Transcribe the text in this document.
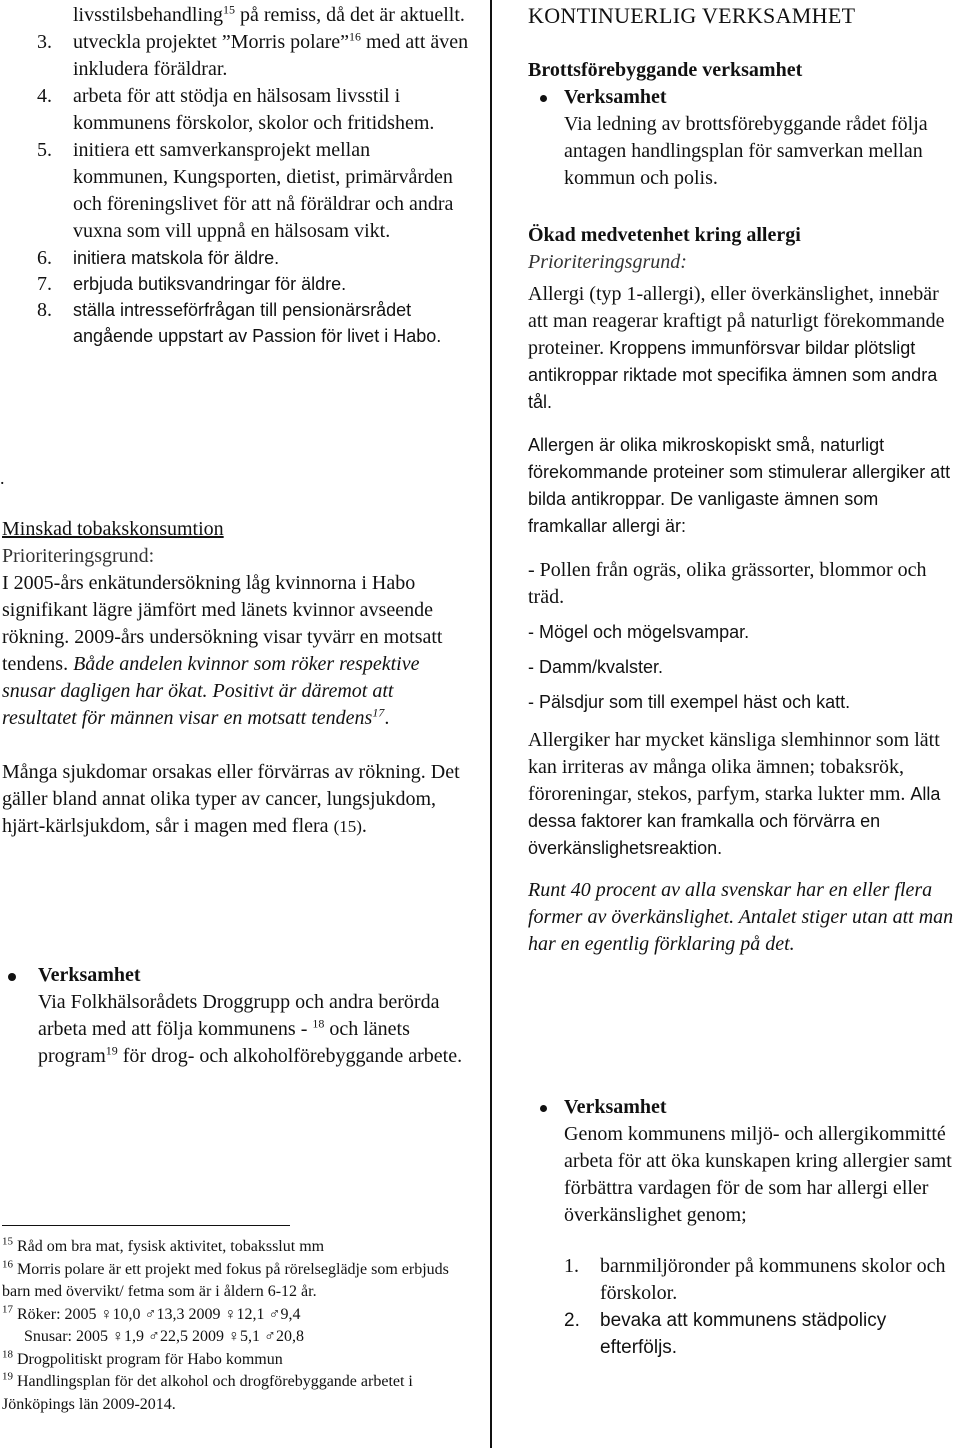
livsstilsbehandling$^{15}$ på remiss, då det är aktuellt.
3. utveckla projektet ”Morris polare”$^{16}$ med att även inkludera föräldrar.
4. arbeta för att stödja en hälsosam livsstil i kommunens förskolor, skolor och fritidshem.
5. initiera ett samverkansprojekt mellan kommunen, Kungsporten, dietist, primärvården och föreningslivet för att nå föräldrar och andra vuxna som vill uppnå en hälsosam vikt.
6. initiera matskola för äldre.
7. erbjuda butiksvandringar för äldre.
8. ställa intresseförfrågan till pensionärsrådet angående uppstart av Passion för livet i Habo.
.
Minskad tobakskonsumtion
Prioriteringsgrund:
I 2005-års enkätundersökning låg kvinnorna i Habo signifikant lägre jämfört med länets kvinnor avseende rökning. 2009-års undersökning visar tyvärr en motsatt tendens. Både andelen kvinnor som röker respektive snusar dagligen har ökat. Positivt är däremot att resultatet för männen visar en motsatt tendens$^{17}$.
Många sjukdomar orsakas eller förvärras av rökning. Det gäller bland annat olika typer av cancer, lungsjukdom, hjärt-kärlsjukdom, sår i magen med flera (15).
Verksamhet
Via Folkhälsorådets Droggrupp och andra berörda arbeta med att följa kommunens - $^{18}$ och länets program$^{19}$ för drog- och alkoholförebyggande arbete.
$^{15}$ Råd om bra mat, fysisk aktivitet, tobaksslut mm
$^{16}$ Morris polare är ett projekt med fokus på rörelseglädje som erbjuds barn med övervikt/ fetma som är i åldern 6-12 år.
$^{17}$ Röker: 2005 ♀10,0 ♂13,3 2009 ♀12,1 ♂9,4
Snusar: 2005 ♀1,9 ♂22,5 2009 ♀5,1 ♂20,8
$^{18}$ Drogpolitiskt program för Habo kommun
$^{19}$ Handlingsplan för det alkohol och drogförebyggande arbetet i Jönköpings län 2009-2014.
KONTINUERLIG VERKSAMHET
Brottsförebyggande verksamhet
Verksamhet
Via ledning av brottsförebyggande rådet följa antagen handlingsplan för samverkan mellan kommun och polis.
Ökad medvetenhet kring allergi
Prioriteringsgrund:
Allergi (typ 1-allergi), eller överkänslighet, innebär att man reagerar kraftigt på naturligt förekommande proteiner. Kroppens immunförsvar bildar plötsligt antikroppar riktade mot specifika ämnen som andra tål.
Allergen är olika mikroskopiskt små, naturligt förekommande proteiner som stimulerar allergiker att bilda antikroppar. De vanligaste ämnen som framkallar allergi är:
- Pollen från ogräs, olika grässorter, blommor och träd.
- Mögel och mögelsvampar.
- Damm/kvalster.
- Pälsdjur som till exempel häst och katt.
Allergiker har mycket känsliga slemhinnor som lätt kan irriteras av många olika ämnen; tobaksrök, föroreningar, stekos, parfym, starka lukter mm. Alla dessa faktorer kan framkalla och förvärra en överkänslighetsreaktion.
Runt 40 procent av alla svenskar har en eller flera former av överkänslighet. Antalet stiger utan att man har en egentlig förklaring på det.
Verksamhet
Genom kommunens miljö- och allergikommitté arbeta för att öka kunskapen kring allergier samt förbättra vardagen för de som har allergi eller överkänslighet genom;
1. barnmiljöronder på kommunens skolor och förskolor.
2. bevaka att kommunens städpolicy efterföljs.
